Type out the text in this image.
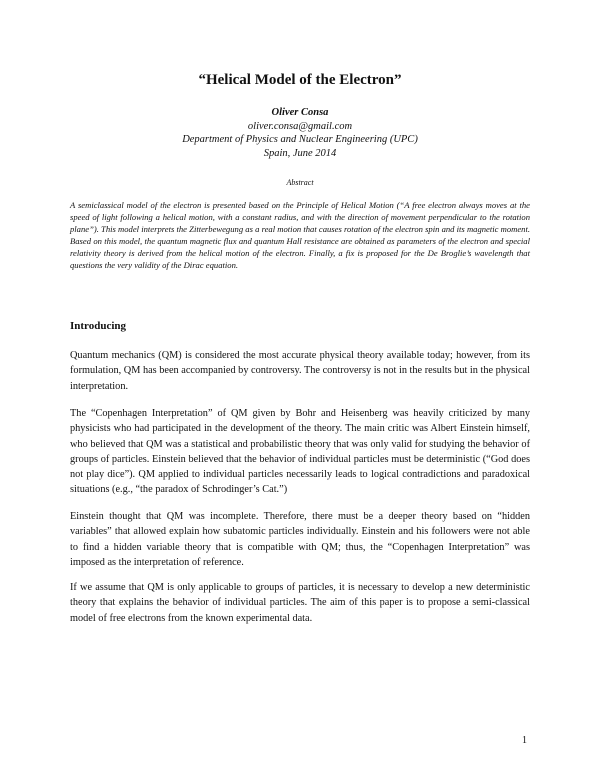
“Helical Model of the Electron”
Oliver Consa
oliver.consa@gmail.com
Department of Physics and Nuclear Engineering (UPC)
Spain, June 2014
Abstract

A semiclassical model of the electron is presented based on the Principle of Helical Motion (“A free electron always moves at the speed of light following a helical motion, with a constant radius, and with the direction of movement perpendicular to the rotation plane”). This model interprets the Zitterbewegung as a real motion that causes rotation of the electron spin and its magnetic moment. Based on this model, the quantum magnetic flux and quantum Hall resistance are obtained as parameters of the electron and special relativity theory is derived from the helical motion of the electron. Finally, a fix is proposed for the De Broglie’s wavelength that questions the very validity of the Dirac equation.

Introducing

Quantum mechanics (QM) is considered the most accurate physical theory available today; however, from its formulation, QM has been accompanied by controversy. The controversy is not in the results but in the physical interpretation.

The “Copenhagen Interpretation” of QM given by Bohr and Heisenberg was heavily criticized by many physicists who had participated in the development of the theory. The main critic was Albert Einstein himself, who believed that QM was a statistical and probabilistic theory that was only valid for studying the behavior of groups of particles. Einstein believed that the behavior of individual particles must be deterministic (“God does not play dice”). QM applied to individual particles necessarily leads to logical contradictions and paradoxical situations (e.g., “the paradox of Schrodinger’s Cat.”)

Einstein thought that QM was incomplete. Therefore, there must be a deeper theory based on “hidden variables” that allowed explain how subatomic particles individually. Einstein and his followers were not able to find a hidden variable theory that is compatible with QM; thus, the “Copenhagen Interpretation” was imposed as the interpretation of reference.

If we assume that QM is only applicable to groups of particles, it is necessary to develop a new deterministic theory that explains the behavior of individual particles. The aim of this paper is to propose a semi-classical model of free electrons from the known experimental data.

1
